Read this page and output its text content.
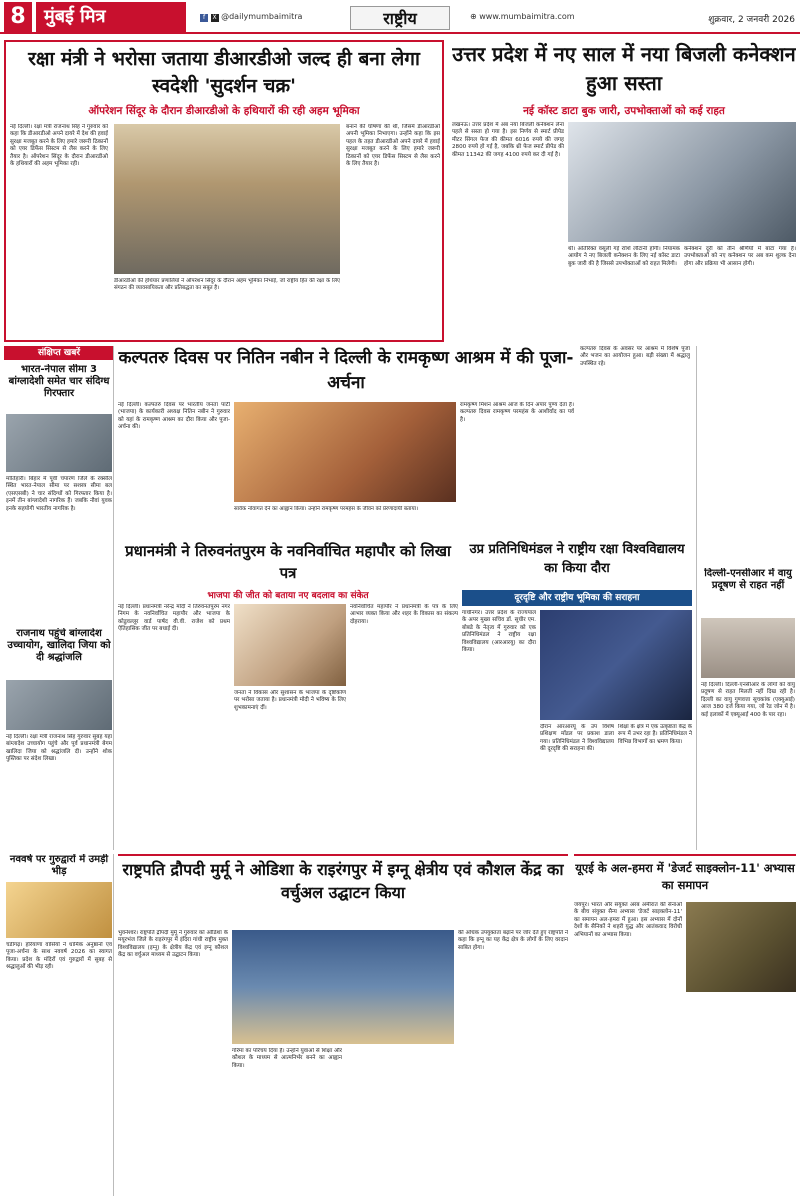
8	मुंबई मित्र	f X @dailymumbaimitra	राष्ट्रीय	⊕ www.mumbaimitra.com	शुक्रवार, 2 जनवरी 2026
रक्षा मंत्री ने भरोसा जताया डीआरडीओ जल्द ही बना लेगा स्वदेशी 'सुदर्शन चक्र'
ऑपरेशन सिंदूर के दौरान डीआरडीओ के हथियारों की रही अहम भूमिका
नई दिल्ली। रक्षा मंत्री राजनाथ सिंह ने गुरुवार को कहा कि डीआरडीओ अपने दायरे में देश की हवाई सुरक्षा मजबूत करने के लिए हमारे जरूरी ठिकानों को एयर डिफेंस सिस्टम से लैस करने के लिए तैयार है। ऑपरेशन सिंदूर के दौरान डीआरडीओ के हथियारों की अहम भूमिका रही।
डीआरडीओ की हथियार प्रणालियों ने ऑपरेशन सिंदूर के दौरान अहम भूमिका निभाई, जो राष्ट्रीय हित की रक्षा के लिए संगठन की व्यावसायिकता और प्रतिबद्धता का सबूत है।
बनाने की घोषणा की थी, जिसमें डीआरडीओ अपनी भूमिका निभाएगा। उन्होंने कहा कि इस पहल के तहत डीआरडीओ अपने दायरे में हवाई सुरक्षा मजबूत करने के लिए हमारे जरूरी ठिकानों को एयर डिफेंस सिस्टम से लैस करने के लिए तैयार है।
उत्तर प्रदेश में नए साल में नया बिजली कनेक्शन हुआ सस्ता
नई कॉस्ट डाटा बुक जारी, उपभोक्ताओं को कई राहत
लखनऊ। उत्तर प्रदेश में अब नया बिजली कनेक्शन लेना पहले से सस्ता हो गया है। इस निर्णय से स्मार्ट प्रीपेड मीटर सिंगल फेज की कीमत 6016 रुपये की जगह 2800 रुपये हो गई है, जबकि थ्री फेज स्मार्ट प्रीपेड की कीमत 11342 की जगह 4100 रुपये कर दी गई है।
थी। अतिरिक्त वसूली गई राशि लौटानी होगी। नियामक आयोग ने नए बिजली कनेक्शन के लिए नई कॉस्ट डाटा बुक जारी की है जिससे उपभोक्ताओं को राहत मिलेगी।
कनेक्शन दूरी को तीन श्रेणियों में बांटा गया है। उपभोक्ताओं को नए कनेक्शन पर अब कम शुल्क देना होगा और प्रक्रिया भी आसान होगी।
संक्षिप्त खबरें
भारत-नेपाल सीमा 3 बांग्लादेशी समेत चार संदिग्ध गिरफ्तार
मोतिहारी। बिहार में पूर्वी चंपारण जिले के रक्सौल स्थित भारत-नेपाल सीमा पर सशस्त्र सीमा बल (एसएसबी) ने चार संदिग्धों को गिरफ्तार किया है। इनमें तीन बांग्लादेशी नागरिक हैं। जबकि नौवां युवक इनके सहयोगी भारतीय नागरिक है।
राजनाथ पहुंचे बांग्लादेश उच्चायोग, खालिदा जिया को दी श्रद्धांजलि
नई दिल्ली। रक्षा मंत्री राजनाथ सिंह गुरुवार सुबह यहां बांग्लादेश उच्चायोग पहुंचे और पूर्व प्रधानमंत्री बेगम खालिदा जिया को श्रद्धांजलि दी। उन्होंने शोक पुस्तिका पर संदेश लिखा।
कल्पतरु दिवस पर नितिन नबीन ने दिल्ली के रामकृष्ण आश्रम में की पूजा-अर्चना
नई दिल्ली। कल्पतरु दिवस पर भारतीय जनता पार्टी (भाजपा) के कार्यकारी अध्यक्ष नितिन नबीन ने गुरुवार को यहां के रामकृष्ण आश्रम का दौरा किया और पूजा-अर्चना की।
सार्वक नोवागत देने का आह्वान किया। उन्होंने रामकृष्ण परमहंस के जीवन को प्रेरणादायी बताया।
रामकृष्ण मिशन आश्रम आज के दिन अपार पुण्य देता है। कल्पतरु दिवस रामकृष्ण परमहंस के आशीर्वाद का पर्व है।
कल्पतरु दिवस के अवसर पर आश्रम में विशेष पूजा और भजन का आयोजन हुआ। बड़ी संख्या में श्रद्धालु उपस्थित रहे।
दिल्ली-एनसीआर में वायु प्रदूषण से राहत नहीं
नई दिल्ली। दिल्ली-एनसीआर के लोगों को वायु प्रदूषण से राहत मिलती नहीं दिख रही है। दिल्ली का वायु गुणवत्ता सूचकांक (एक्यूआई) आज 380 दर्ज किया गया, जो रेड जोन में है। कई इलाकों में एक्यूआई 400 के पार रहा।
प्रधानमंत्री ने तिरुवनंतपुरम के नवनिर्वाचित महापौर को लिखा पत्र
भाजपा की जीत को बताया नए बदलाव का संकेत
नई दिल्ली। प्रधानमंत्री नरेन्द्र मोदी ने तिरुवनंतपुरम नगर निगम के नवनिर्वाचित महापौर और भाजपा के कोडुवल्लूर वार्ड पार्षद वी.वी. राजेश को प्रथम ऐतिहासिक जीत पर बधाई दी।
जनता ने विकास और सुशासन के भाजपा के दृष्टिकोण पर भरोसा जताया है। प्रधानमंत्री मोदी ने भविष्य के लिए शुभकामनाएं दीं।
नवनिर्वाचित महापौर ने प्रधानमंत्री के पत्र के लिए आभार व्यक्त किया और शहर के विकास का संकल्प दोहराया।
उप्र प्रतिनिधिमंडल ने राष्ट्रीय रक्षा विश्वविद्यालय का किया दौरा
दूरदृष्टि और राष्ट्रीय भूमिका की सराहना
गांधीनगर। उत्तर प्रदेश के राज्यपाल के अपर मुख्य सचिव डॉ. सुधीर एम. बोबडे के नेतृत्व में गुरुवार को एक प्रतिनिधिमंडल ने राष्ट्रीय रक्षा विश्वविद्यालय (आरआरयू) का दौरा किया।
दौरान आरआरयू के उप विशेष प्रशिक्षण मॉडल पर प्रकाश डाला गया। प्रतिनिधिमंडल ने विश्वविद्यालय की दूरदृष्टि की सराहना की।
शिक्षा के क्षेत्र में एक उत्कृष्टता केंद्र के रूप में उभर रहा है। प्रतिनिधिमंडल ने विभिन्न विभागों का भ्रमण किया।
नववर्ष पर गुरुद्वारों में उमड़ी भीड़
चंडीगढ़। हरियाणा वासियों ने धार्मिक अनुष्ठानों एवं पूजा-अर्चना के साथ नववर्ष 2026 का स्वागत किया। प्रदेश के मंदिरों एवं गुरुद्वारों में सुबह से श्रद्धालुओं की भीड़ रही।
राष्ट्रपति द्रौपदी मुर्मू ने ओडिशा के राइरंगपुर में इग्नू क्षेत्रीय एवं कौशल केंद्र का वर्चुअल उद्घाटन किया
भुवनेश्वर। राष्ट्रपति द्रौपदी मुर्मू ने गुरुवार को ओडिशा के मयूरभंज जिले के राइरंगपुर में इंदिरा गांधी राष्ट्रीय मुक्त विश्वविद्यालय (इग्नू) के क्षेत्रीय केंद्र एवं इग्नू कौशल केंद्र का वर्चुअल माध्यम से उद्घाटन किया।
गरिमा का परिचय दिया है। उन्होंने युवाओं से शिक्षा और कौशल के माध्यम से आत्मनिर्भर बनने का आह्वान किया।
की अधिक उपयुक्तता बढ़ाने पर जोर देते हुए राष्ट्रपति ने कहा कि इग्नू का यह केंद्र क्षेत्र के लोगों के लिए वरदान साबित होगा।
यूएई के अल-हमरा में 'डेजर्ट साइक्लोन-11' अभ्यास का समापन
जयपुर। भारत और संयुक्त अरब अमीरात की सेनाओं के बीच संयुक्त सैन्य अभ्यास 'डेजर्ट साइक्लोन-11' का समापन अल-हमरा में हुआ। इस अभ्यास में दोनों देशों के सैनिकों ने शहरी युद्ध और आतंकवाद विरोधी अभियानों का अभ्यास किया।
